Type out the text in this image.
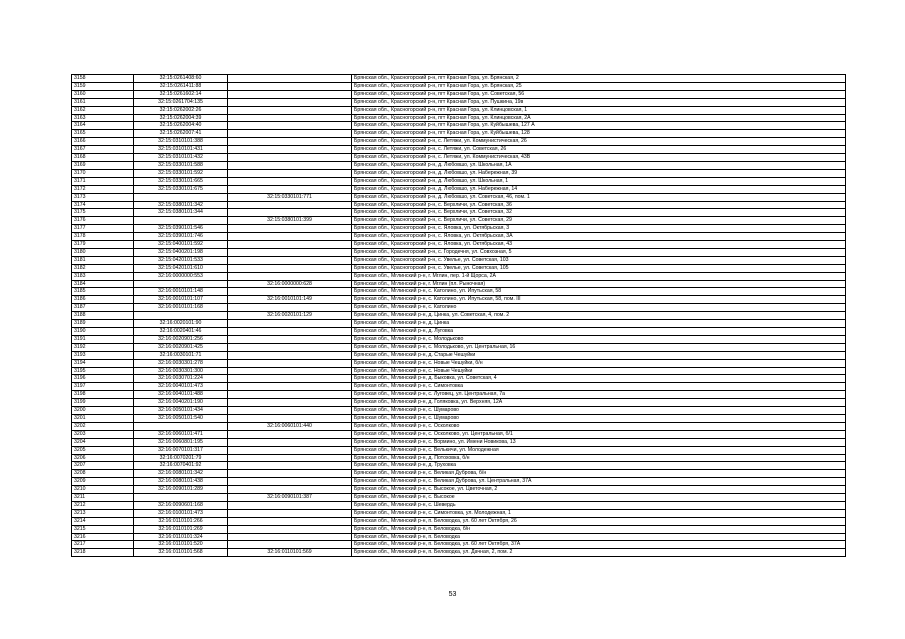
3158	32:15:0261408:60		Брянская обл., Красногорский р-н, пгт Красная Гора, ул. Брянская, 2
3159	32:15:0261411:88		Брянская обл., Красногорский р-н, пгт Красная Гора, ул. Брянская, 25
3160	32:15:0261602:14		Брянская обл., Красногорский р-н, пгт Красная Гора, ул. Советская, 56
3161	32:15:0261704:135		Брянская обл., Красногорский р-н, пгт Красная Гора, ул. Пушкина, 19в
3162	32:15:0262002:26		Брянская обл., Красногорский р-н, пгт Красная Гора, ул. Клинцовская, 1
3163	32:15:0262004:39		Брянская обл., Красногорский р-н, пгт Красная Гора, ул. Клинцовская, 2А
3164	32:15:0262004:40		Брянская обл., Красногорский р-н, пгт Красная Гора, ул. Куйбышева, 127 А
3165	32:15:0262007:41		Брянская обл., Красногорский р-н, пгт Красная Гора, ул. Куйбышева, 128
3166	32:15:0310101:388		Брянская обл., Красногорский р-н, с. Летяжи, ул. Коммунистическая, 26
3167	32:15:0310101:431		Брянская обл., Красногорский р-н, с. Летяжи, ул. Советская, 26
3168	32:15:0310101:432		Брянская обл., Красногорский р-н, с. Летяжи, ул. Коммунистическая, 43В
3169	32:15:0330101:588		Брянская обл., Красногорский р-н, д. Любовшо, ул. Школьная, 1А
3170	32:15:0330101:592		Брянская обл., Красногорский р-н, д. Любовшо, ул. Набережная, 39
3171	32:15:0330101:665		Брянская обл., Красногорский р-н, д. Любовшо, ул. Школьная, 1
3172	32:15:0330101:675		Брянская обл., Красногорский р-н, д. Любовшо, ул. Набережная, 14
3173		32:15:0330101:771	Брянская обл., Красногорский р-н, д. Любовшо, ул. Советская, 46, пом. 1
3174	32:15:0380101:342		Брянская обл., Красногорский р-н, с. Верхличи, ул. Советская, 36
3175	32:15:0380101:344		Брянская обл., Красногорский р-н, с. Верхличи, ул. Советская, 32
3176		32:15:0380101:399	Брянская обл., Красногорский р-н, с. Верхличи, ул. Советская, 29
3177	32:15:0390101:546		Брянская обл., Красногорский р-н, с. Яловка, ул. Октябрьская, 3
3178	32:15:0390101:746		Брянская обл., Красногорский р-н, с. Яловка, ул. Октябрьская, 3А
3179	32:15:0400101:592		Брянская обл., Красногорский р-н, с. Яловка, ул. Октябрьская, 43
3180	32:15:0400201:198		Брянская обл., Красногорский р-н, с. Городечня, ул. Совхозная, 5
3181	32:15:0420101:533		Брянская обл., Красногорский р-н, с. Увелье, ул. Советская, 103
3182	32:15:0420101:610		Брянская обл., Красногорский р-н, с. Увелье, ул. Советская, 105
3183	32:16:0000000:553		Брянская обл., Мглинский р-н, г. Мглин, пер. 1-й Щорса, 2А
3184		32:16:0000000:628	Брянская обл., Мглинский р-н, г. Мглин (пл. Рыночная)
3185	32:16:0010101:148		Брянская обл., Мглинский р-н, с. Католино, ул. Ипутьская, 58
3186	32:16:0010101:107	32:16:0010101:149	Брянская обл., Мглинский р-н, с. Католино, ул. Ипутьская, 58, пом. III
3187	32:16:0010101:168		Брянская обл., Мглинский р-н, с. Католино
3188		32:16:0020101:129	Брянская обл., Мглинский р-н, д. Цинка, ул. Советская, 4, пом. 2
3189	32:16:0020101:90		Брянская обл., Мглинский р-н, д. Цинка
3190	32:16:0020401:46		Брянская обл., Мглинский р-н, д. Луговка
3191	32:16:0020901:256		Брянская обл., Мглинский р-н, с. Молодьково
3192	32:16:0020901:425		Брянская обл., Мглинский р-н, с. Молодьково, ул. Центральная, 16
3193	32:16:0030101:71		Брянская обл., Мглинский р-н, д. Старые Чешуйки
3194	32:16:0030301:278		Брянская обл., Мглинский р-н, с. Новые Чешуйки, б/н
3195	32:16:0030301:300		Брянская обл., Мглинский р-н, с. Новые Чешуйки
3196	32:16:0030701:224		Брянская обл., Мглинский р-н, д. Быковка, ул. Советская, 4
3197	32:16:0040101:473		Брянская обл., Мглинский р-н, с. Симонтовка
3198	32:16:0040101:488		Брянская обл., Мглинский р-н, с. Луговец, ул. Центральная, 7а
3199	32:16:0040201:190		Брянская обл., Мглинский р-н, д. Голяковка, ул. Верхняя, 12А
3200	32:16:0050101:434		Брянская обл., Мглинский р-н, с. Шумарово
3201	32:16:0050101:540		Брянская обл., Мглинский р-н, с. Шумарово
3202		32:16:0060101:440	Брянская обл., Мглинский р-н, с. Осколково
3203	32:16:0060101:471		Брянская обл., Мглинский р-н, с. Осколково, ул. Центральная, б/1
3204	32:16:0060801:195		Брянская обл., Мглинский р-н, с. Вормино, ул. Имени Новикова, 13
3205	32:16:0070101:317		Брянская обл., Мглинский р-н, с. Велькичи, ул. Молодежная
3206	32:16:0070201:79		Брянская обл., Мглинский р-н, д. Потоховка, б/н
3207	32:16:0070401:92		Брянская обл., Мглинский р-н, д. Труховка
3208	32:16:0080101:342		Брянская обл., Мглинский р-н, с. Великая Дуброва, б/н
3209	32:16:0080101:438		Брянская обл., Мглинский р-н, с. Великая Дуброва, ул. Центральная, 37А
3210	32:16:0090101:289		Брянская обл., Мглинский р-н, с. Высокое, ул. Цветочная, 2
3211		32:16:0090101:387	Брянская обл., Мглинский р-н, с. Высокое
3212	32:16:0090601:168		Брянская обл., Мглинский р-н, с. Шевердь
3213	32:16:0100101:473		Брянская обл., Мглинский р-н, с. Симонтовка, ул. Молодежная, 1
3214	32:16:0110101:266		Брянская обл., Мглинский р-н, п. Беловодка, ул. 60 лет Октября, 26
3215	32:16:0110101:269		Брянская обл., Мглинский р-н, п. Беловодка, б/н
3216	32:16:0110101:324		Брянская обл., Мглинский р-н, п. Беловодка
3217	32:16:0110101:520		Брянская обл., Мглинский р-н, п. Беловодка, ул. 60 лет Октября, 37А
3218	32:16:0110101:568	32:16:0110101:569	Брянская обл., Мглинский р-н, п. Беловодка, ул. Дачная, 2, пом. 2
53
